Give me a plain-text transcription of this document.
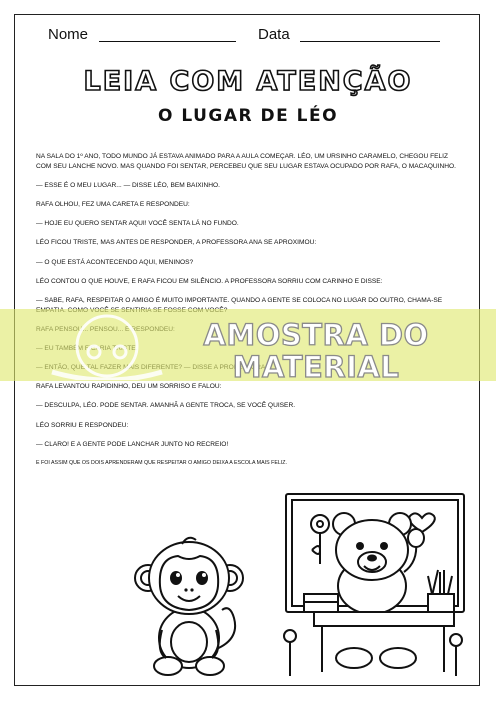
Nome	Data
LEIA COM ATENÇÃO
O LUGAR DE LÉO

NA SALA DO 1º ANO, TODO MUNDO JÁ ESTAVA ANIMADO PARA A AULA COMEÇAR. LÉO, UM URSINHO CARAMELO, CHEGOU FELIZ COM SEU LANCHE NOVO. MAS QUANDO FOI SENTAR, PERCEBEU QUE SEU LUGAR ESTAVA OCUPADO POR RAFA, O MACAQUINHO.

— ESSE É O MEU LUGAR... — DISSE LÉO, BEM BAIXINHO.

RAFA OLHOU, FEZ UMA CARETA E RESPONDEU:

— HOJE EU QUERO SENTAR AQUI! VOCÊ SENTA LÁ NO FUNDO.

LÉO FICOU TRISTE, MAS ANTES DE RESPONDER, A PROFESSORA ANA SE APROXIMOU:

— O QUE ESTÁ ACONTECENDO AQUI, MENINOS?

LÉO CONTOU O QUE HOUVE, E RAFA FICOU EM SILÊNCIO. A PROFESSORA SORRIU COM CARINHO E DISSE:

— SABE, RAFA, RESPEITAR O AMIGO É MUITO IMPORTANTE. QUANDO A GENTE SE COLOCA NO LUGAR DO OUTRO, CHAMA-SE

RAFA LEVANTOU RAPIDINHO, DEU UM SORRISO E FALOU:

— DESCULPA, LÉO. PODE SENTAR. AMANHÃ A GENTE TROCA, SE VOCÊ QUISER.

LÉO SORRIU E RESPONDEU:

— CLARO! E A GENTE PODE LANCHAR JUNTO NO RECREIO!

E FOI ASSIM QUE OS DOIS APRENDERAM QUE RESPEITAR O AMIGO DEIXA A ESCOLA MAIS FELIZ.

AMOSTRA DO
MATERIAL
